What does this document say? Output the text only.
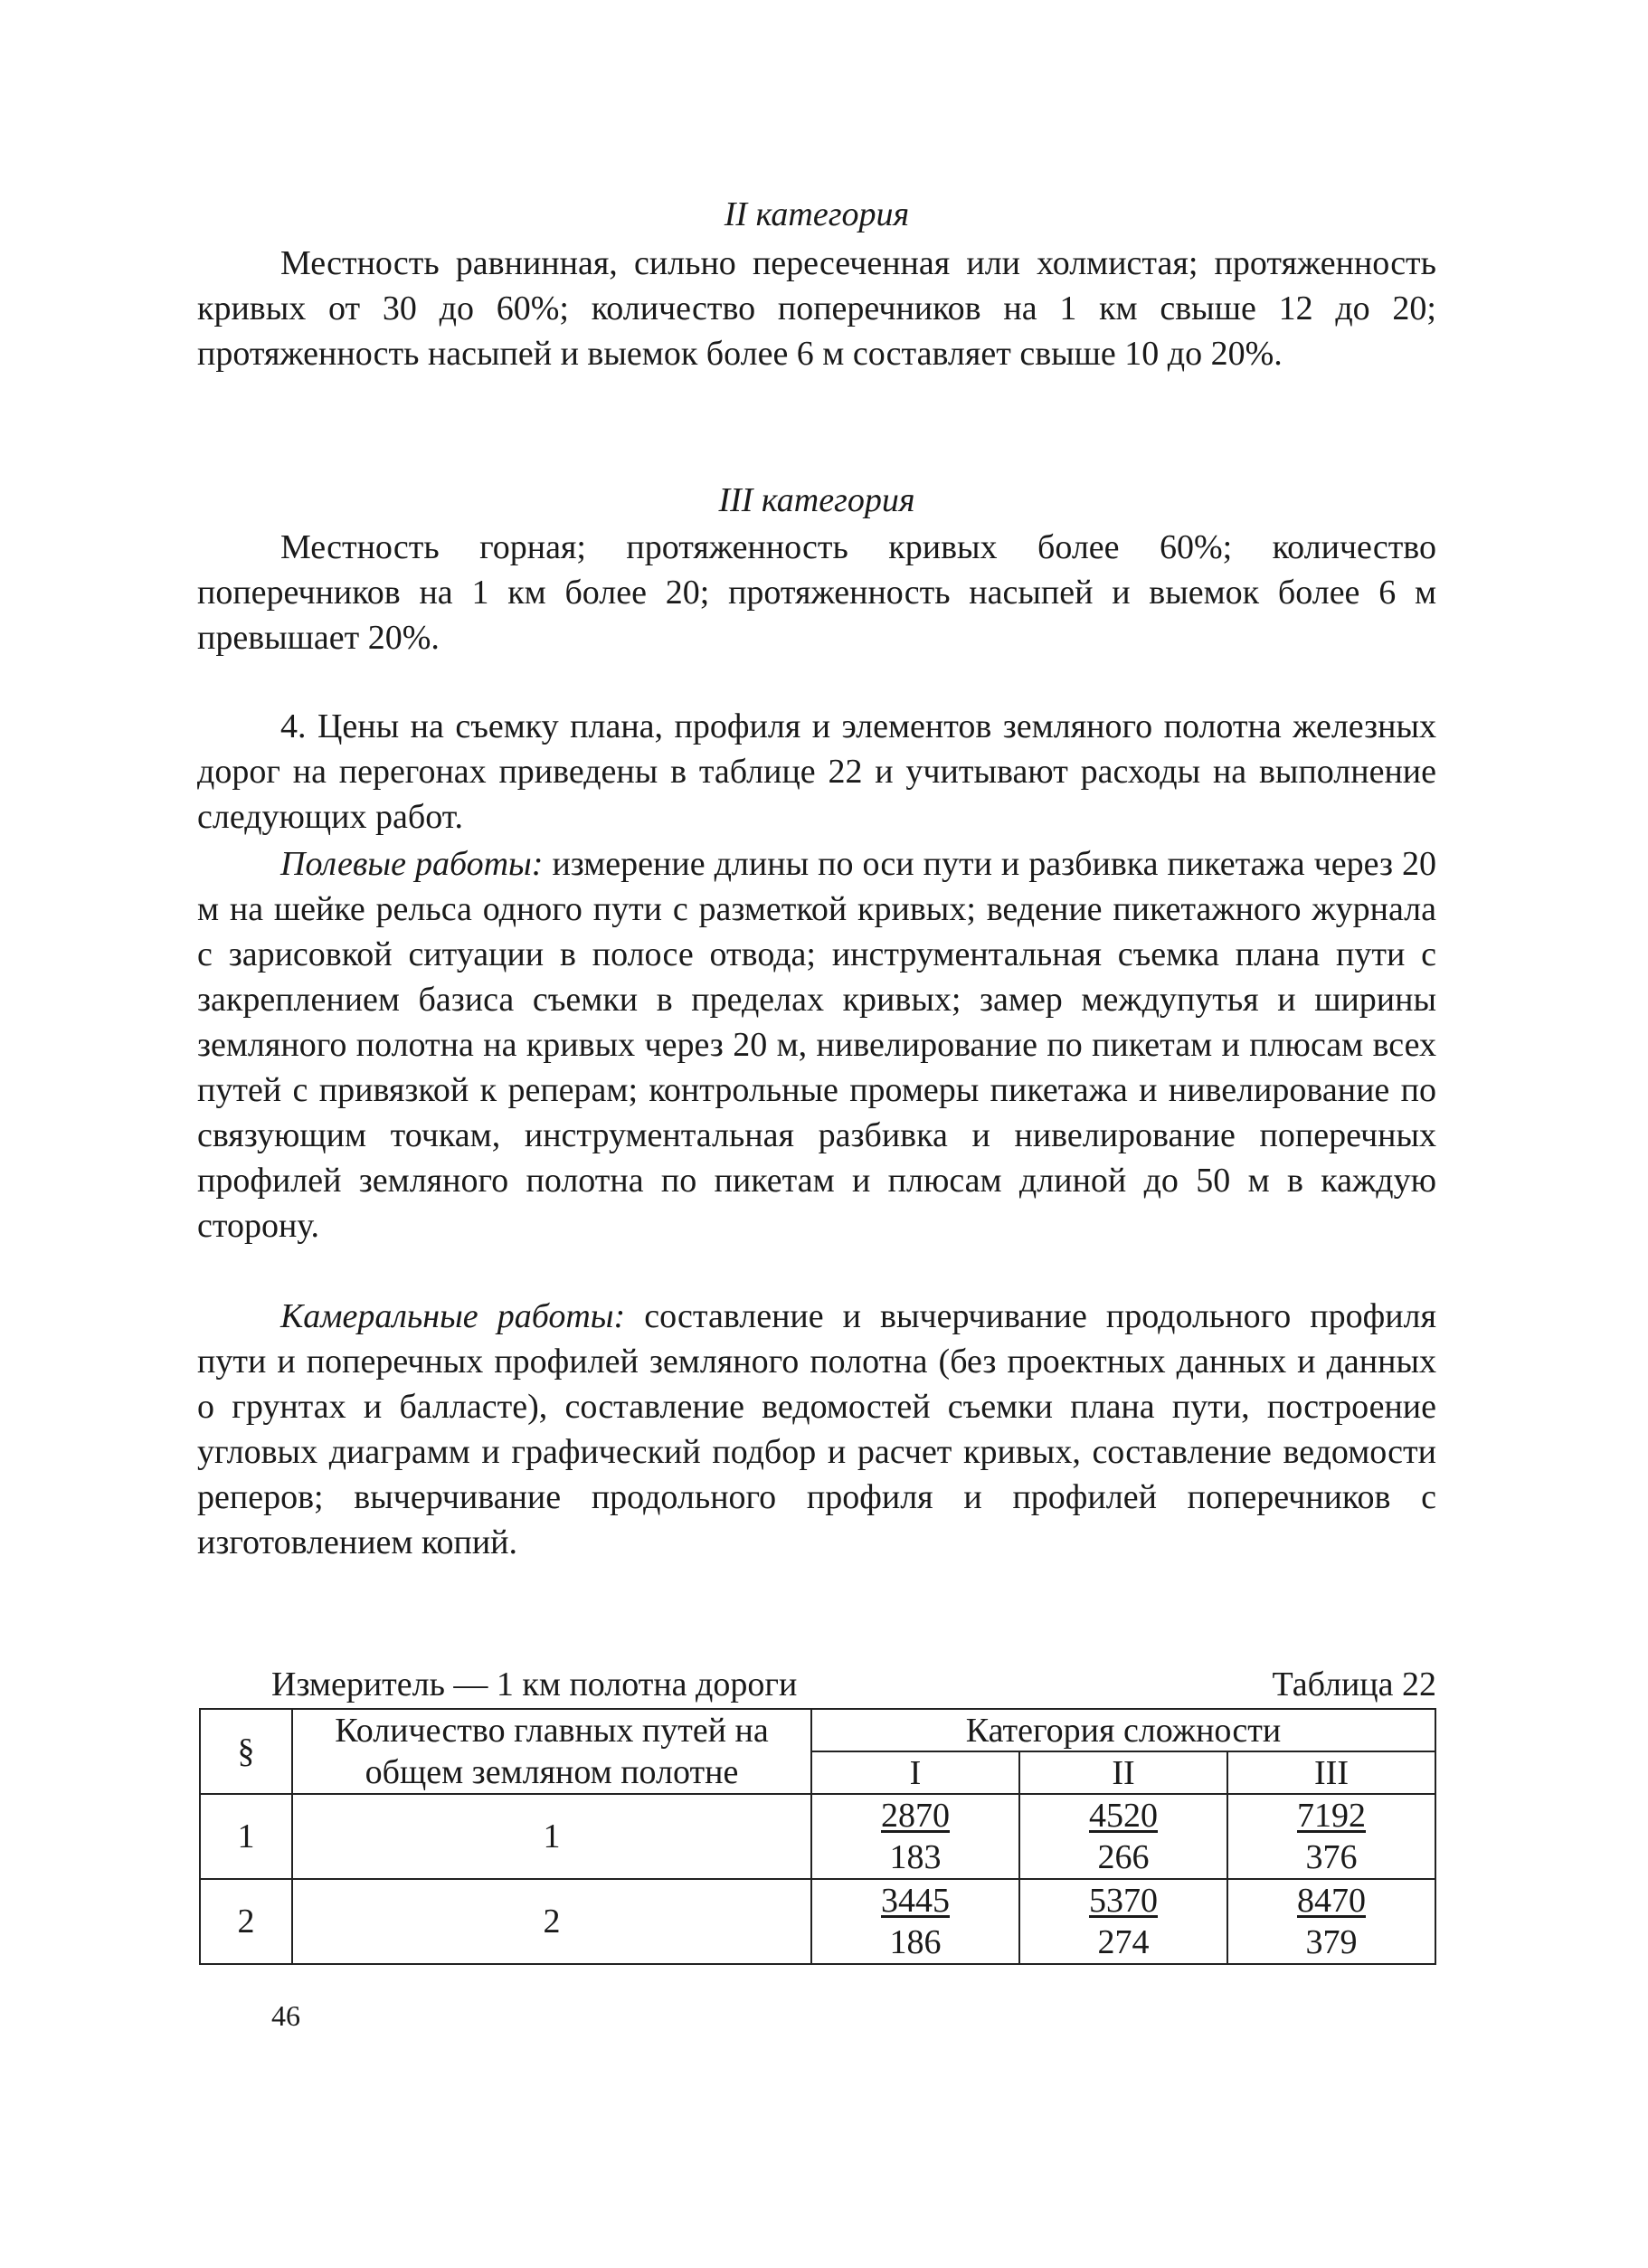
II категория

Местность равнинная, сильно пересеченная или холмистая; протяженность кривых от 30 до 60%; количество поперечников на 1 км свыше 12 до 20; протяженность насыпей и выемок более 6 м составляет свыше 10 до 20%.

III категория

Местность горная; протяженность кривых более 60%; количество поперечников на 1 км более 20; протяженность насыпей и выемок более 6 м превышает 20%.

4. Цены на съемку плана, профиля и элементов земляного полотна железных дорог на перегонах приведены в таблице 22 и учитывают расходы на выполнение следующих работ.

Полевые работы: измерение длины по оси пути и разбивка пикетажа через 20 м на шейке рельса одного пути с разметкой кривых; ведение пикетажного журнала с зарисовкой ситуации в полосе отвода; инструментальная съемка плана пути с закреплением базиса съемки в пределах кривых; замер междупутья и ширины земляного полотна на кривых через 20 м, нивелирование по пикетам и плюсам всех путей с привязкой к реперам; контрольные промеры пикетажа и нивелирование по связующим точкам, инструментальная разбивка и нивелирование поперечных профилей земляного полотна по пикетам и плюсам длиной до 50 м в каждую сторону.

Камеральные работы: составление и вычерчивание продольного профиля пути и поперечных профилей земляного полотна (без проектных данных и данных о грунтах и балласте), составление ведомостей съемки плана пути, построение угловых диаграмм и графический подбор и расчет кривых, составление ведомости реперов; вычерчивание продольного профиля и профилей поперечников с изготовлением копий.

Измеритель — 1 км полотна дороги	Таблица 22
§	Количество главных путей на общем земляном полотне	Категория сложности		
		I	II	III
1	1	$\frac{2870}{183}$	$\frac{4520}{266}$	$\frac{7192}{376}$

2	2	$\frac{3445}{186}$	$\frac{5370}{274}$	$\frac{8470}{379}$
46
